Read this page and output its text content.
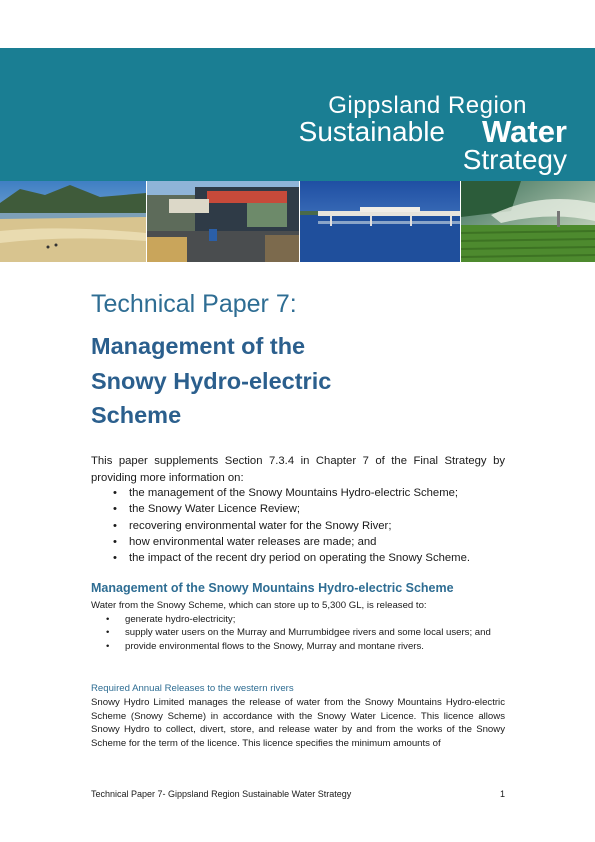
Gippsland Region
Sustainable Water
Strategy
Technical Paper 7:
Management of the
Snowy Hydro-electric
Scheme
This paper supplements Section 7.3.4 in Chapter 7 of the Final Strategy by providing more information on:
• the management of the Snowy Mountains Hydro-electric Scheme;
• the Snowy Water Licence Review;
• recovering environmental water for the Snowy River;
• how environmental water releases are made; and
• the impact of the recent dry period on operating the Snowy Scheme.
Management of the Snowy Mountains Hydro-electric Scheme
Water from the Snowy Scheme, which can store up to 5,300 GL, is released to:
• generate hydro-electricity;
• supply water users on the Murray and Murrumbidgee rivers and some local users; and
• provide environmental flows to the Snowy, Murray and montane rivers.
Required Annual Releases to the western rivers
Snowy Hydro Limited manages the release of water from the Snowy Mountains Hydro-electric Scheme (Snowy Scheme) in accordance with the Snowy Water Licence. This licence allows Snowy Hydro to collect, divert, store, and release water by and from the works of the Snowy Scheme for the term of the licence. This licence specifies the minimum amounts of
Technical Paper 7- Gippsland Region Sustainable Water Strategy	1
